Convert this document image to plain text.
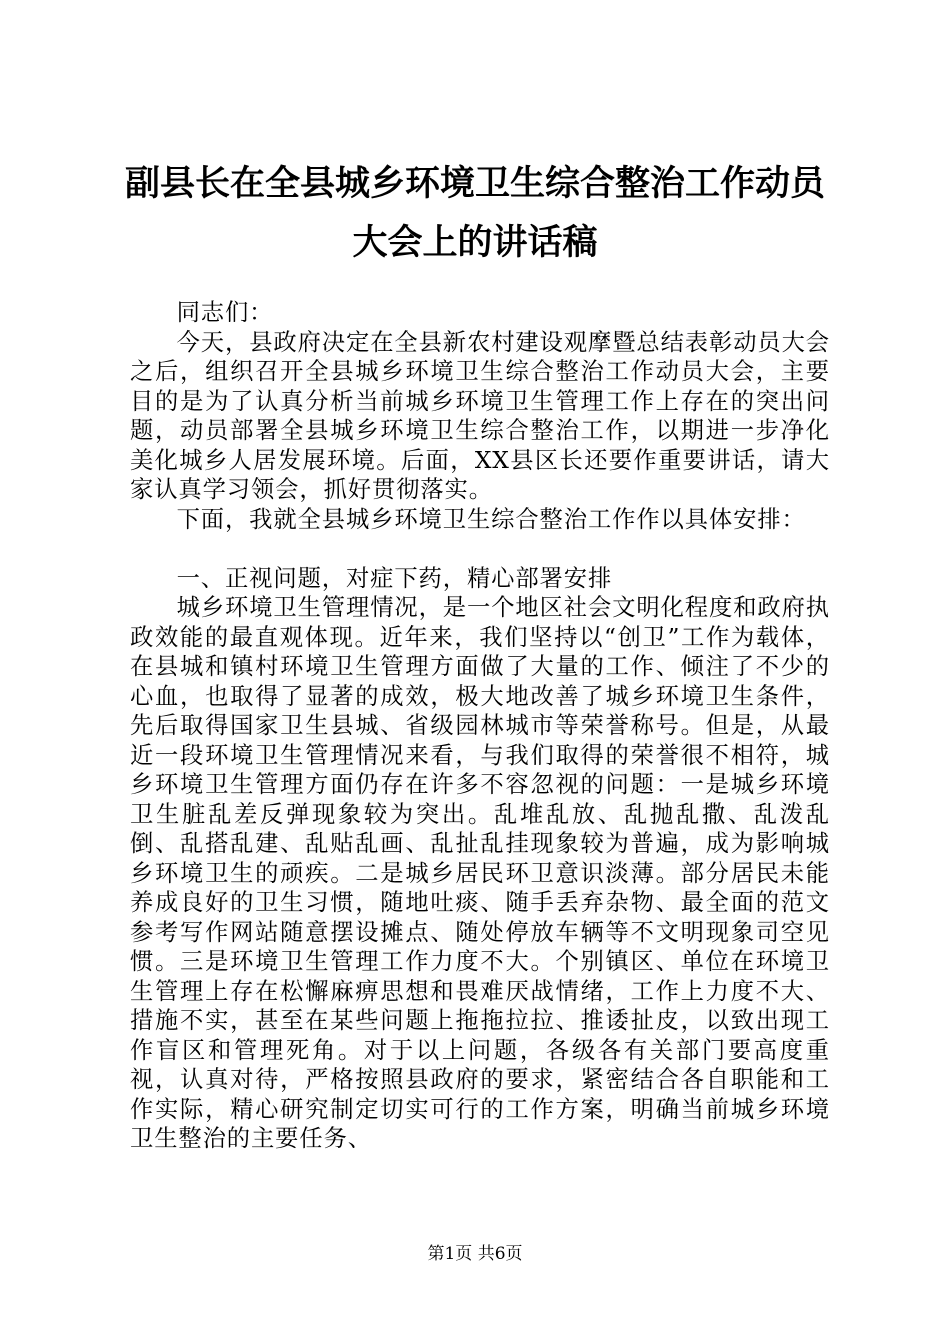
副县长在全县城乡环境卫生综合整治工作动员
大会上的讲话稿

同志们：

今天，县政府决定在全县新农村建设观摩暨总结表彰动员大会之后，组织召开全县城乡环境卫生综合整治工作动员大会，主要目的是为了认真分析当前城乡环境卫生管理工作上存在的突出问题，动员部署全县城乡环境卫生综合整治工作，以期进一步净化美化城乡人居发展环境。后面，XX县区长还要作重要讲话，请大家认真学习领会，抓好贯彻落实。

下面，我就全县城乡环境卫生综合整治工作作以具体安排：

一、正视问题，对症下药，精心部署安排

城乡环境卫生管理情况，是一个地区社会文明化程度和政府执政效能的最直观体现。近年来，我们坚持以“创卫”工作为载体，在县城和镇村环境卫生管理方面做了大量的工作、倾注了不少的心血，也取得了显著的成效，极大地改善了城乡环境卫生条件，先后取得国家卫生县城、省级园林城市等荣誉称号。但是，从最近一段环境卫生管理情况来看，与我们取得的荣誉很不相符，城乡环境卫生管理方面仍存在许多不容忽视的问题：一是城乡环境卫生脏乱差反弹现象较为突出。乱堆乱放、乱抛乱撒、乱泼乱倒、乱搭乱建、乱贴乱画、乱扯乱挂现象较为普遍，成为影响城乡环境卫生的顽疾。二是城乡居民环卫意识淡薄。部分居民未能养成良好的卫生习惯，随地吐痰、随手丢弃杂物、最全面的范文参考写作网站随意摆设摊点、随处停放车辆等不文明现象司空见惯。三是环境卫生管理工作力度不大。个别镇区、单位在环境卫生管理上存在松懈麻痹思想和畏难厌战情绪，工作上力度不大、措施不实，甚至在某些问题上拖拖拉拉、推诿扯皮，以致出现工作盲区和管理死角。对于以上问题，各级各有关部门要高度重视，认真对待，严格按照县政府的要求，紧密结合各自职能和工作实际，精心研究制定切实可行的工作方案，明确当前城乡环境卫生整治的主要任务、

第1页 共6页
